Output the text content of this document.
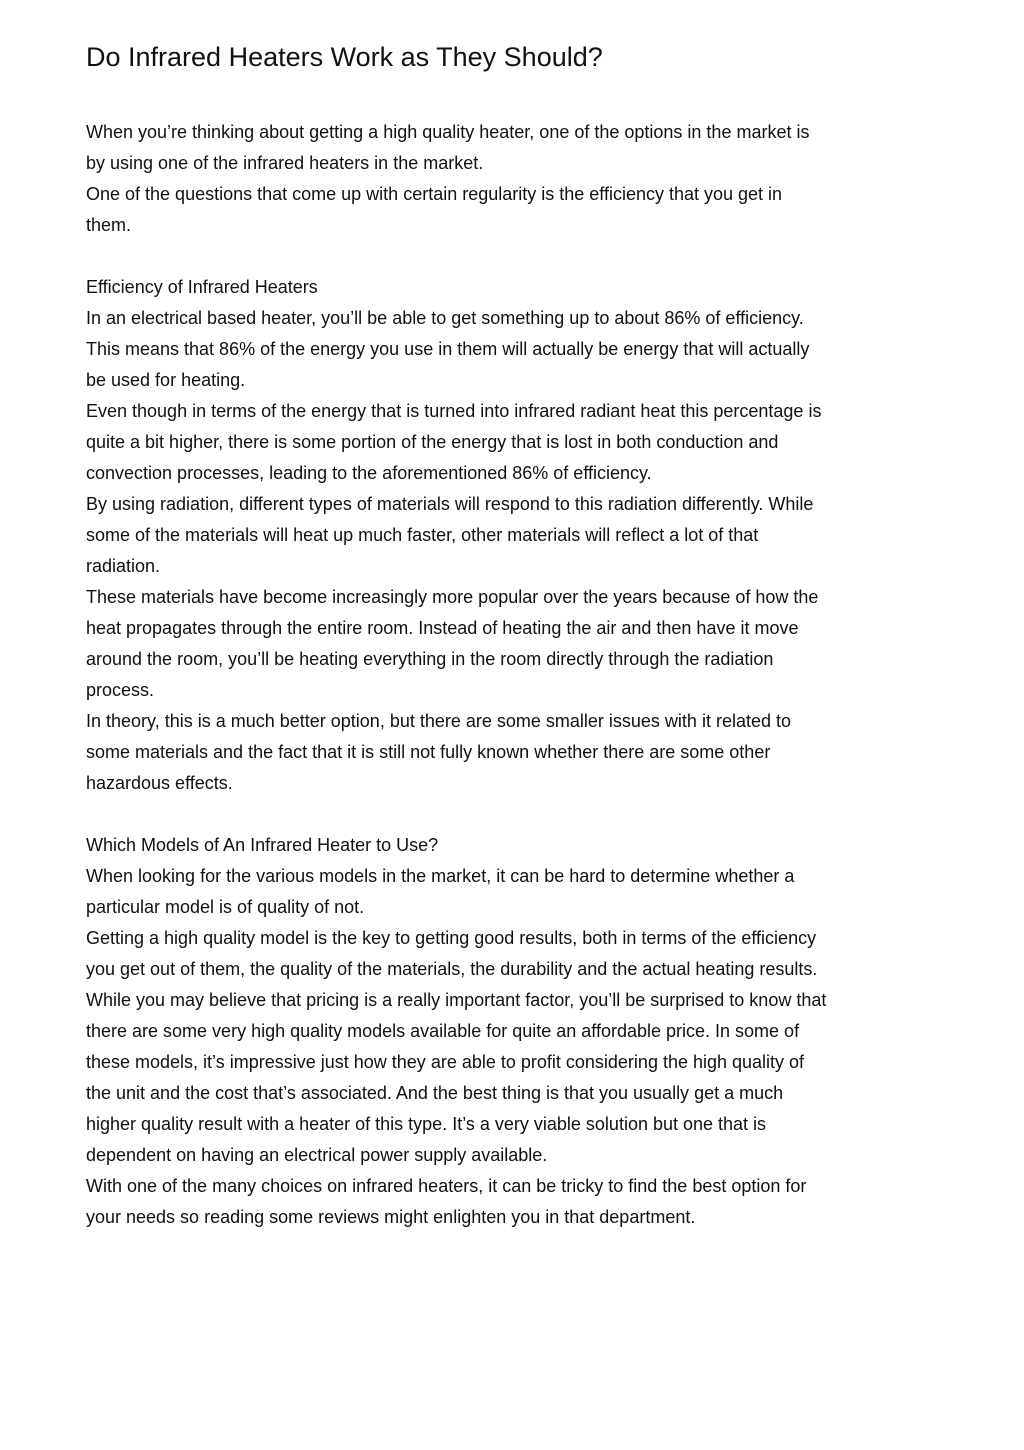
Do Infrared Heaters Work as They Should?

When you’re thinking about getting a high quality heater, one of the options in the market is

by using one of the infrared heaters in the market.

One of the questions that come up with certain regularity is the efficiency that you get in

them.

Efficiency of Infrared Heaters

In an electrical based heater, you’ll be able to get something up to about 86% of efficiency.

This means that 86% of the energy you use in them will actually be energy that will actually

be used for heating.

Even though in terms of the energy that is turned into infrared radiant heat this percentage is

quite a bit higher, there is some portion of the energy that is lost in both conduction and

convection processes, leading to the aforementioned 86% of efficiency.

By using radiation, different types of materials will respond to this radiation differently. While

some of the materials will heat up much faster, other materials will reflect a lot of that

radiation.

These materials have become increasingly more popular over the years because of how the

heat propagates through the entire room. Instead of heating the air and then have it move

around the room, you’ll be heating everything in the room directly through the radiation

process.

In theory, this is a much better option, but there are some smaller issues with it related to

some materials and the fact that it is still not fully known whether there are some other

hazardous effects.

Which Models of An Infrared Heater to Use?

When looking for the various models in the market, it can be hard to determine whether a

particular model is of quality of not.

Getting a high quality model is the key to getting good results, both in terms of the efficiency

you get out of them, the quality of the materials, the durability and the actual heating results.

While you may believe that pricing is a really important factor, you’ll be surprised to know that

there are some very high quality models available for quite an affordable price. In some of

these models, it’s impressive just how they are able to profit considering the high quality of

the unit and the cost that’s associated. And the best thing is that you usually get a much

higher quality result with a heater of this type. It’s a very viable solution but one that is

dependent on having an electrical power supply available.

With one of the many choices on infrared heaters, it can be tricky to find the best option for

your needs so reading some reviews might enlighten you in that department.
